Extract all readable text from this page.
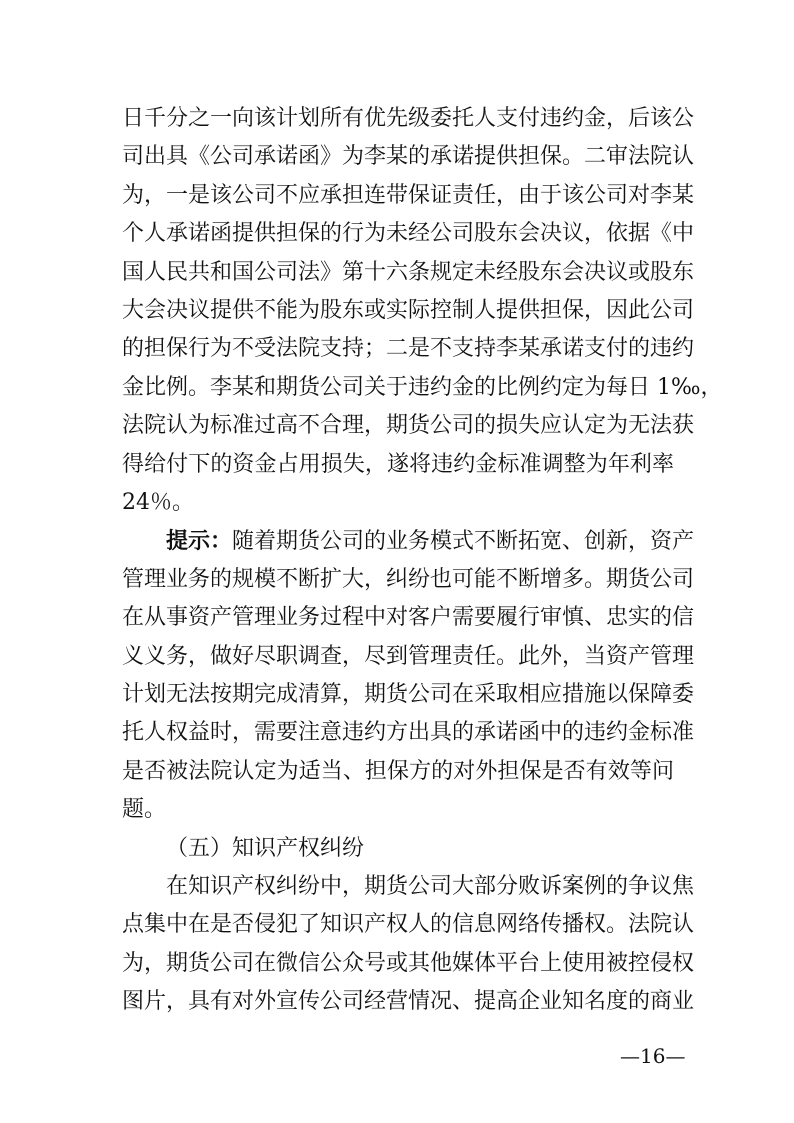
日千分之一向该计划所有优先级委托人支付违约金，后该公
司出具《公司承诺函》为李某的承诺提供担保。二审法院认
为，一是该公司不应承担连带保证责任，由于该公司对李某
个人承诺函提供担保的行为未经公司股东会决议，依据《中
国人民共和国公司法》第十六条规定未经股东会决议或股东
大会决议提供不能为股东或实际控制人提供担保，因此公司
的担保行为不受法院支持；二是不支持李某承诺支付的违约
金比例。李某和期货公司关于违约金的比例约定为每日 1‰，
法院认为标准过高不合理，期货公司的损失应认定为无法获
得给付下的资金占用损失，遂将违约金标准调整为年利率
24％。
提示：随着期货公司的业务模式不断拓宽、创新，资产
管理业务的规模不断扩大，纠纷也可能不断增多。期货公司
在从事资产管理业务过程中对客户需要履行审慎、忠实的信
义义务，做好尽职调查，尽到管理责任。此外，当资产管理
计划无法按期完成清算，期货公司在采取相应措施以保障委
托人权益时，需要注意违约方出具的承诺函中的违约金标准
是否被法院认定为适当、担保方的对外担保是否有效等问
题。
（五）知识产权纠纷
在知识产权纠纷中，期货公司大部分败诉案例的争议焦
点集中在是否侵犯了知识产权人的信息网络传播权。法院认
为，期货公司在微信公众号或其他媒体平台上使用被控侵权
图片，具有对外宣传公司经营情况、提高企业知名度的商业
—16—
